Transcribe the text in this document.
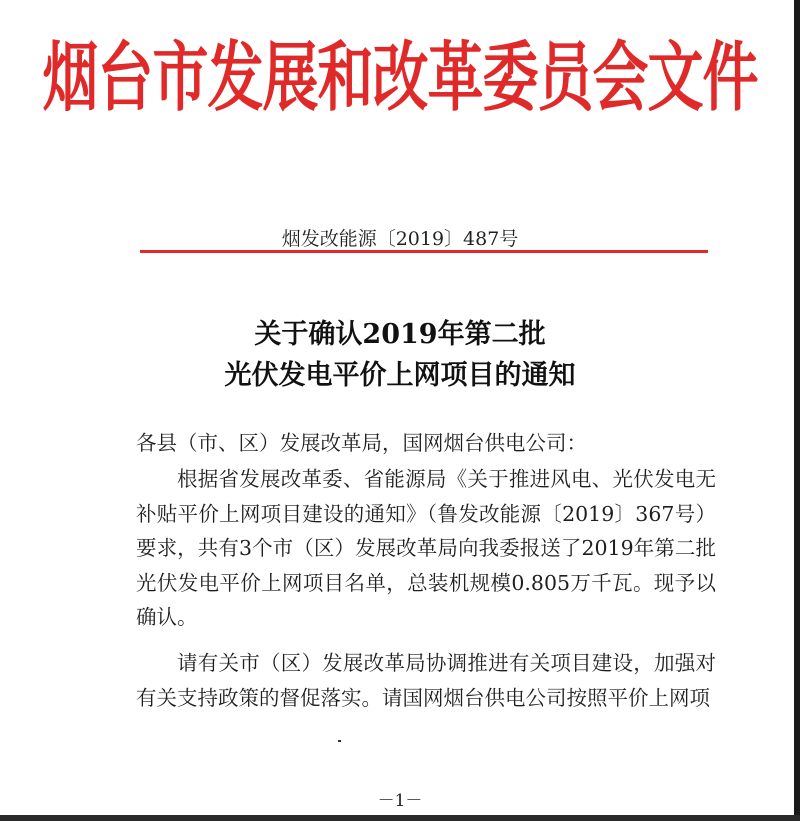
烟台市发展和改革委员会文件
烟发改能源〔2019〕487号
关于确认2019年第二批
光伏发电平价上网项目的通知
各县（市、区）发展改革局，国网烟台供电公司：
根据省发展改革委、省能源局《关于推进风电、光伏发电无补贴平价上网项目建设的通知》（鲁发改能源〔2019〕367号）要求，共有3个市（区）发展改革局向我委报送了2019年第二批光伏发电平价上网项目名单，总装机规模0.805万千瓦。现予以确认。
请有关市（区）发展改革局协调推进有关项目建设，加强对有关支持政策的督促落实。请国网烟台供电公司按照平价上网项
－1－
